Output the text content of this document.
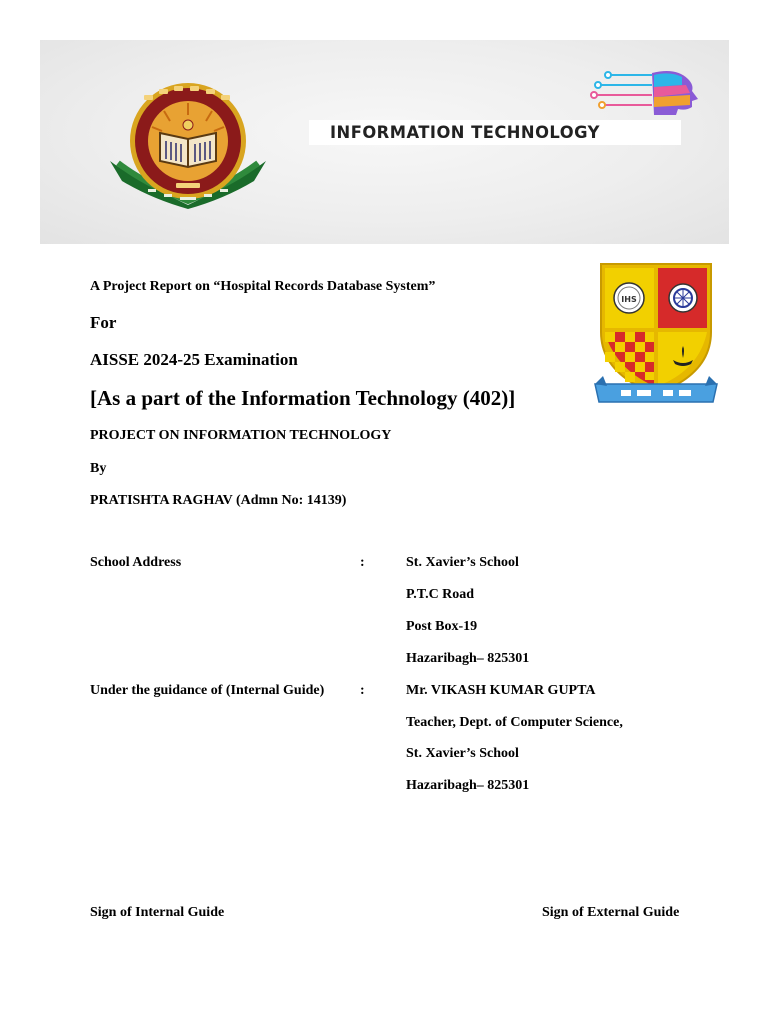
INFORMATION TECHNOLOGY
IHS
A Project Report on “Hospital Records Database System”
For
AISSE 2024-25 Examination
[As a part of the Information Technology (402)]
PROJECT ON INFORMATION TECHNOLOGY
By
PRATISHTA RAGHAV (Admn No: 14139)
School Address	:	St. Xavier’s School
P.T.C Road
Post Box-19
Hazaribagh– 825301
Under the guidance of (Internal Guide)	:	Mr. VIKASH KUMAR GUPTA
Teacher, Dept. of Computer Science,
St. Xavier’s School
Hazaribagh– 825301
Sign of Internal Guide	Sign of External Guide
